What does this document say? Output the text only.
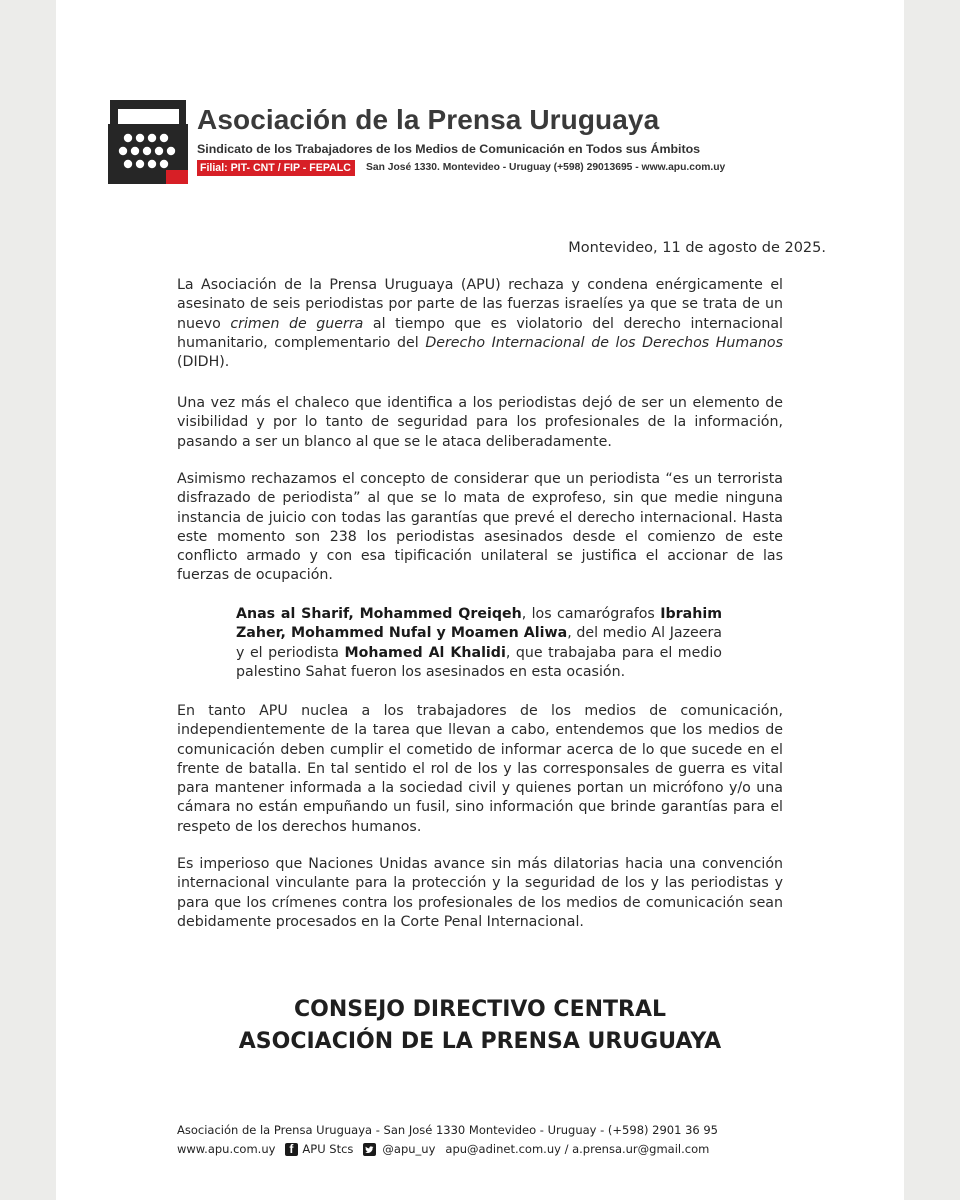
Asociación de la Prensa Uruguaya
Sindicato de los Trabajadores de los Medios de Comunicación en Todos sus Ámbitos
Filial: PIT- CNT / FIP - FEPALC	San José 1330. Montevideo - Uruguay (+598) 29013695 - www.apu.com.uy
Montevideo, 11 de agosto de 2025.

La Asociación de la Prensa Uruguaya (APU) rechaza y condena enérgicamente el asesinato de seis periodistas por parte de las fuerzas israelíes ya que se trata de un nuevo crimen de guerra al tiempo que es violatorio del derecho internacional humanitario, complementario del Derecho Internacional de los Derechos Humanos (DIDH).

Una vez más el chaleco que identifica a los periodistas dejó de ser un elemento de visibilidad y por lo tanto de seguridad para los profesionales de la información, pasando a ser un blanco al que se le ataca deliberadamente.

Asimismo rechazamos el concepto de considerar que un periodista “es un terrorista disfrazado de periodista” al que se lo mata de exprofeso, sin que medie ninguna instancia de juicio con todas las garantías que prevé el derecho internacional. Hasta este momento son 238 los periodistas asesinados desde el comienzo de este conflicto armado y con esa tipificación unilateral se justifica el accionar de las fuerzas de ocupación.

Anas al Sharif, Mohammed Qreiqeh, los camarógrafos Ibrahim Zaher, Mohammed Nufal y Moamen Aliwa, del medio Al Jazeera y el periodista Mohamed Al Khalidi, que trabajaba para el medio palestino Sahat fueron los asesinados en esta ocasión.

En tanto APU nuclea a los trabajadores de los medios de comunicación, independientemente de la tarea que llevan a cabo, entendemos que los medios de comunicación deben cumplir el cometido de informar acerca de lo que sucede en el frente de batalla. En tal sentido el rol de los y las corresponsales de guerra es vital para mantener informada a la sociedad civil y quienes portan un micrófono y/o una cámara no están empuñando un fusil, sino información que brinde garantías para el respeto de los derechos humanos.

Es imperioso que Naciones Unidas avance sin más dilatorias hacia una convención internacional vinculante para la protección y la seguridad de los y las periodistas y para que los crímenes contra los profesionales de los medios de comunicación sean debidamente procesados en la Corte Penal Internacional.

CONSEJO DIRECTIVO CENTRAL
ASOCIACIÓN DE LA PRENSA URUGUAYA
Asociación de la Prensa Uruguaya - San José 1330 Montevideo - Uruguay - (+598) 2901 36 95
www.apu.com.uy
f APU Stcs	@apu_uy apu@adinet.com.uy / a.prensa.ur@gmail.com
